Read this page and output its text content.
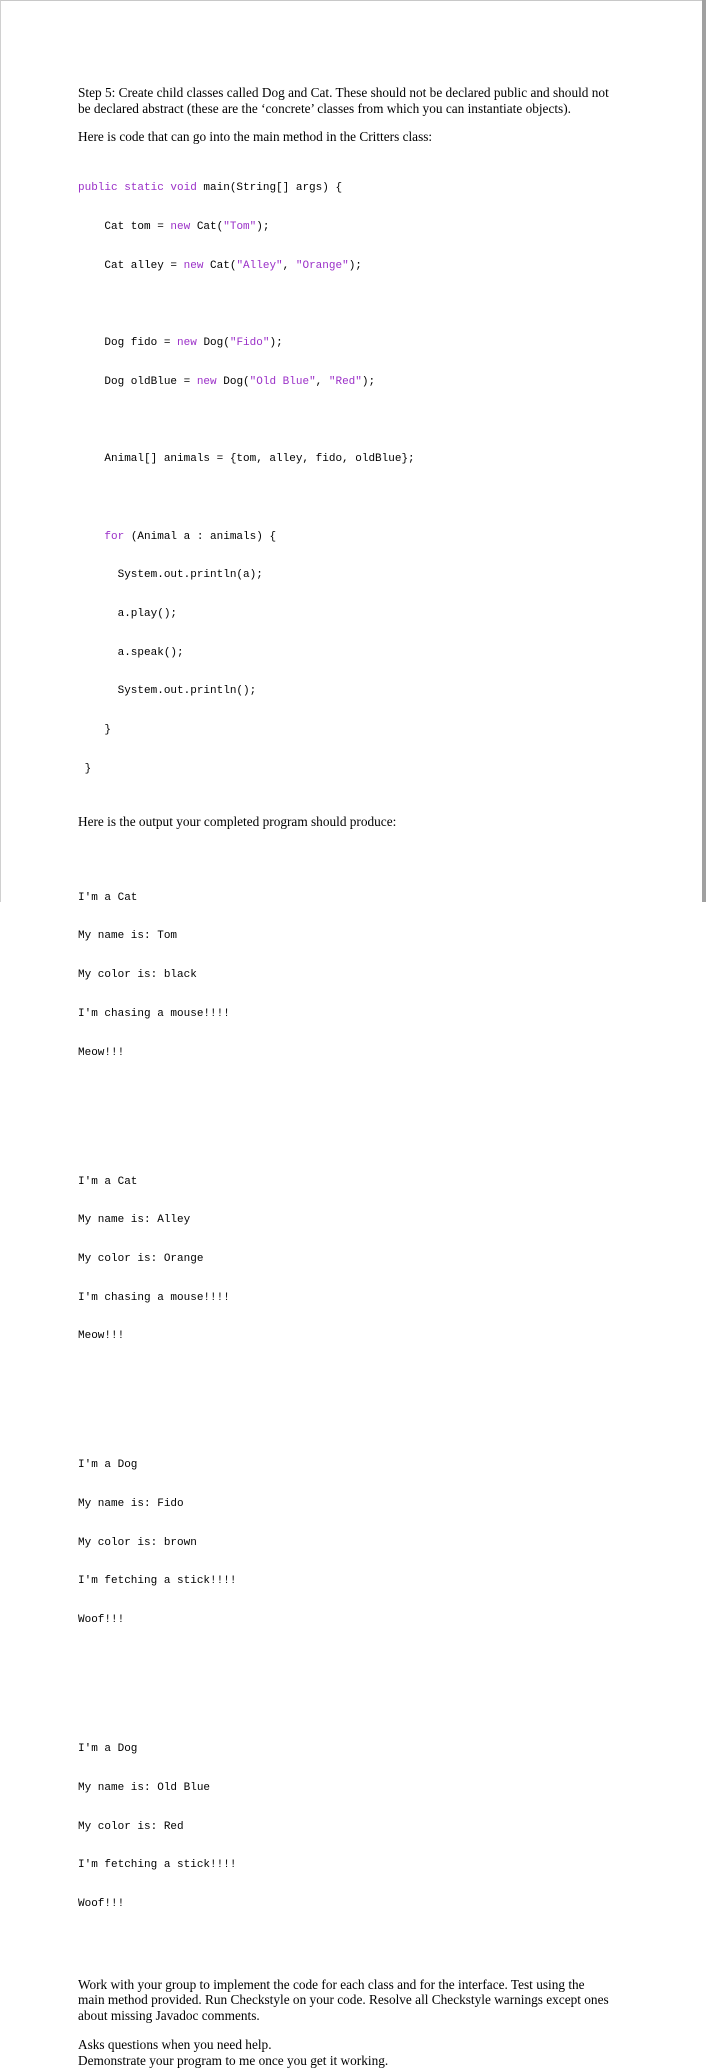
Step 5: Create child classes called Dog and Cat. These should not be declared public and should not
be declared abstract (these are the ‘concrete’ classes from which you can instantiate objects).

Here is code that can go into the main method in the Critters class:

public static void main(String[] args) {

Cat tom = new Cat("Tom");

Cat alley = new Cat("Alley", "Orange");

Dog fido = new Dog("Fido");

Dog oldBlue = new Dog("Old Blue", "Red");

Animal[] animals = {tom, alley, fido, oldBlue};

for (Animal a : animals) {

System.out.println(a);

a.play();

a.speak();

System.out.println();

}

}

Here is the output your completed program should produce:

I'm a Cat

My name is: Tom

My color is: black

I'm chasing a mouse!!!!

Meow!!!

I'm a Cat

My name is: Alley

My color is: Orange

I'm chasing a mouse!!!!

Meow!!!

I'm a Dog

My name is: Fido

My color is: brown

I'm fetching a stick!!!!

Woof!!!

I'm a Dog

My name is: Old Blue

My color is: Red

I'm fetching a stick!!!!

Woof!!!

Work with your group to implement the code for each class and for the interface. Test using the
main method provided. Run Checkstyle on your code. Resolve all Checkstyle warnings except ones
about missing Javadoc comments.

Asks questions when you need help.
Demonstrate your program to me once you get it working.
